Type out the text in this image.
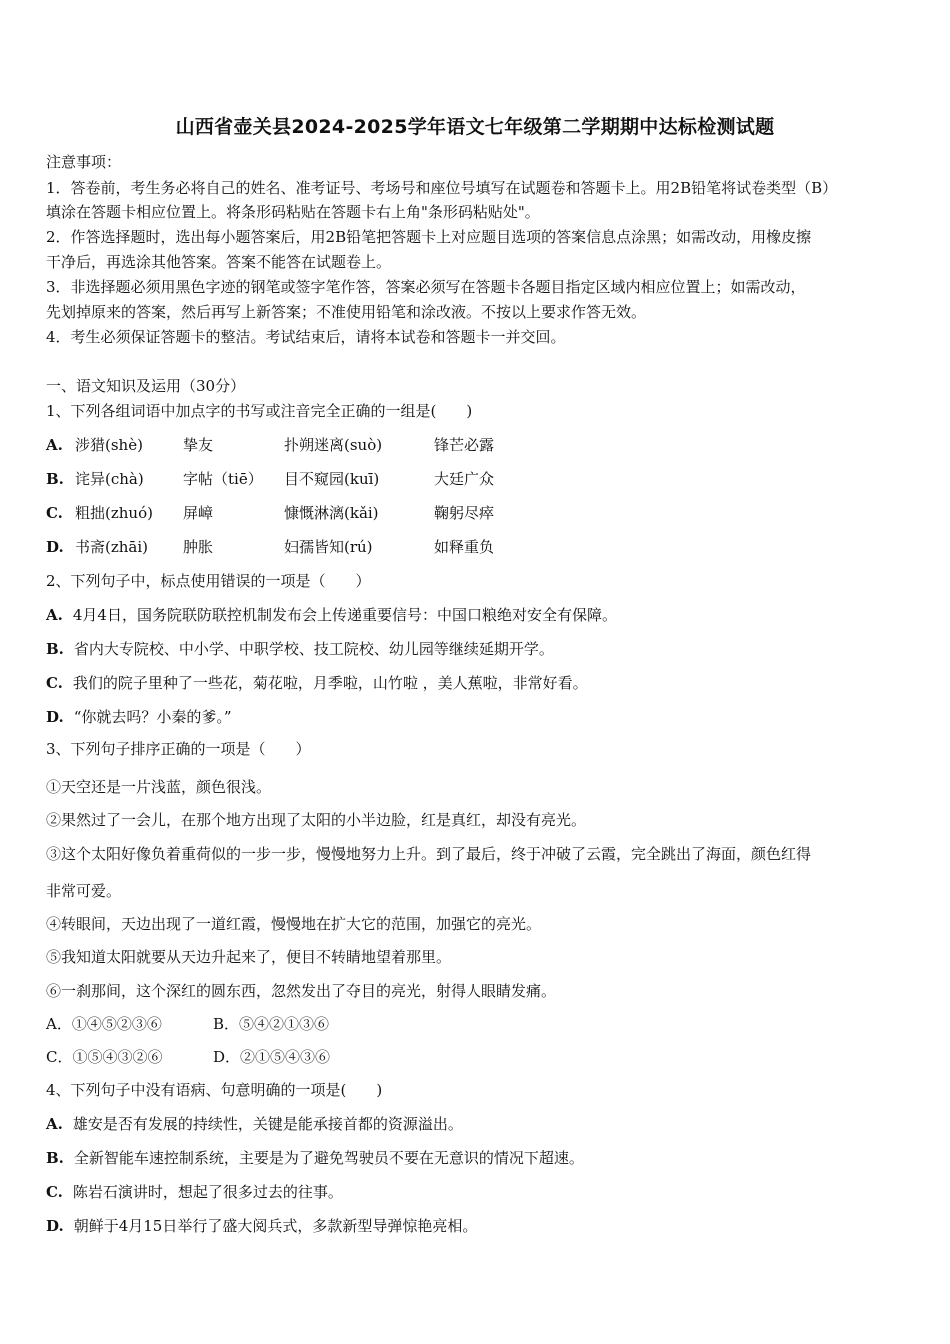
山西省壶关县2024-2025学年语文七年级第二学期期中达标检测试题
注意事项：
1．答卷前，考生务必将自己的姓名、准考证号、考场号和座位号填写在试题卷和答题卡上。用2B铅笔将试卷类型（B）
填涂在答题卡相应位置上。将条形码粘贴在答题卡右上角"条形码粘贴处"。
2．作答选择题时，选出每小题答案后，用2B铅笔把答题卡上对应题目选项的答案信息点涂黑；如需改动，用橡皮擦
干净后，再选涂其他答案。答案不能答在试题卷上。
3．非选择题必须用黑色字迹的钢笔或签字笔作答，答案必须写在答题卡各题目指定区域内相应位置上；如需改动，
先划掉原来的答案，然后再写上新答案；不准使用铅笔和涂改液。不按以上要求作答无效。
4．考生必须保证答题卡的整洁。考试结束后，请将本试卷和答题卡一并交回。
一、语文知识及运用（30分）
1、下列各组词语中加点字的书写或注音完全正确的一组是(　　)
A. 涉猎(shè)	挚友	扑朔迷离(suò)	锋芒必露
B. 诧异(chà)	字帖（tiē） 目不窥园(kuī)	大廷广众
C. 粗拙(zhuó) 屏嶂	慷慨淋漓(kǎi)	鞠躬尽瘁
D. 书斋(zhāi) 肿胀	妇孺皆知(rú)	如释重负
2、下列句子中，标点使用错误的一项是（　　）
A. 4月4日，国务院联防联控机制发布会上传递重要信号：中国口粮绝对安全有保障。
B. 省内大专院校、中小学、中职学校、技工院校、幼儿园等继续延期开学。
C. 我们的院子里种了一些花，菊花啦，月季啦，山竹啦 ，美人蕉啦，非常好看。
D. “你就去吗？小秦的爹。”
3、下列句子排序正确的一项是（　　）
①天空还是一片浅蓝，颜色很浅。
②果然过了一会儿，在那个地方出现了太阳的小半边脸，红是真红，却没有亮光。
③这个太阳好像负着重荷似的一步一步，慢慢地努力上升。到了最后，终于冲破了云霞，完全跳出了海面，颜色红得
非常可爱。
④转眼间，天边出现了一道红霞，慢慢地在扩大它的范围，加强它的亮光。
⑤我知道太阳就要从天边升起来了，便目不转睛地望着那里。
⑥一刹那间，这个深红的圆东西，忽然发出了夺目的亮光，射得人眼睛发痛。
A．①④⑤②③⑥	B．⑤④②①③⑥
C．①⑤④③②⑥	D．②①⑤④③⑥
4、下列句子中没有语病、句意明确的一项是(　　)
A. 雄安是否有发展的持续性，关键是能承接首都的资源溢出。
B. 全新智能车速控制系统，主要是为了避免驾驶员不要在无意识的情况下超速。
C. 陈岩石演讲时，想起了很多过去的往事。
D. 朝鲜于4月15日举行了盛大阅兵式，多款新型导弹惊艳亮相。
